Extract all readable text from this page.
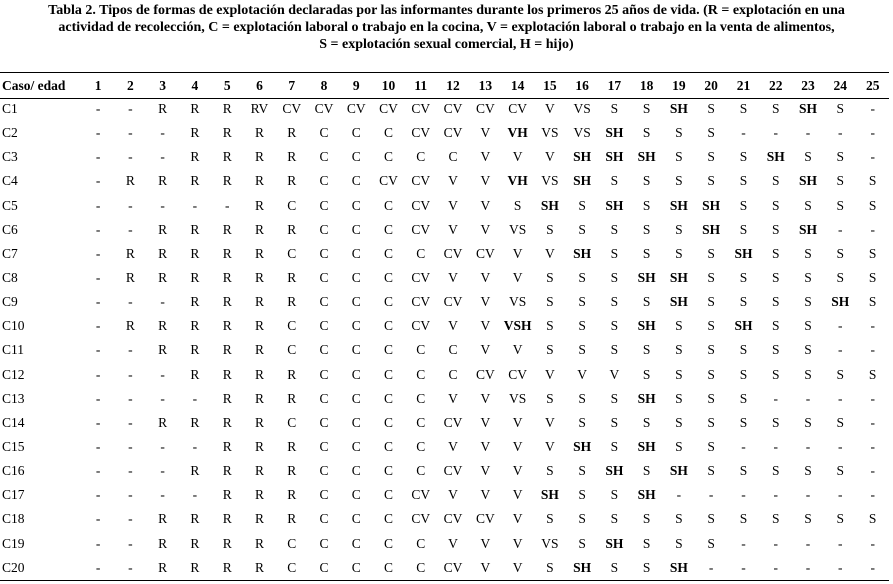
Tabla 2. Tipos de formas de explotación declaradas por las informantes durante los primeros 25 años de vida. (R = explotación en una
actividad de recolección, C = explotación laboral o trabajo en la cocina, V = explotación laboral o trabajo en la venta de alimentos,
S = explotación sexual comercial, H = hijo)
Caso/ edad	1	2	3	4	5	6	7	8	9	10	11	12	13	14	15	16	17	18	19	20	21	22	23	24	25
C1	-	-	R	R	R	RV	CV	CV	CV	CV	CV	CV	CV	CV	V	VS	S	S	SH	S	S	S	SH	S	-
C2	-	-	-	R	R	R	R	C	C	C	CV	CV	V	VH	VS	VS	SH	S	S	S	-	-	-	-	-
C3	-	-	-	R	R	R	R	C	C	C	C	C	V	V	V	SH	SH	SH	S	S	S	SH	S	S	-
C4	-	R	R	R	R	R	R	C	C	CV	CV	V	V	VH	VS	SH	S	S	S	S	S	S	SH	S	S
C5	-	-	-	-	-	R	C	C	C	C	CV	V	V	S	SH	S	SH	S	SH	SH	S	S	S	S	S
C6	-	-	R	R	R	R	R	C	C	C	CV	V	V	VS	S	S	S	S	S	SH	S	S	SH	-	-
C7	-	R	R	R	R	R	C	C	C	C	C	CV	CV	V	V	SH	S	S	S	S	SH	S	S	S	S
C8	-	R	R	R	R	R	R	C	C	C	CV	V	V	V	S	S	S	SH	SH	S	S	S	S	S	S
C9	-	-	-	R	R	R	R	C	C	C	CV	CV	V	VS	S	S	S	S	SH	S	S	S	S	SH	S
C10	-	R	R	R	R	R	C	C	C	C	CV	V	V	VSH	S	S	S	SH	S	S	SH	S	S	-	-
C11	-	-	R	R	R	R	C	C	C	C	C	C	V	V	S	S	S	S	S	S	S	S	S	-	-
C12	-	-	-	R	R	R	R	C	C	C	C	C	CV	CV	V	V	V	S	S	S	S	S	S	S	S
C13	-	-	-	-	R	R	R	C	C	C	C	V	V	VS	S	S	S	SH	S	S	S	-	-	-	-
C14	-	-	R	R	R	R	C	C	C	C	C	CV	V	V	V	S	S	S	S	S	S	S	S	S	-
C15	-	-	-	-	R	R	R	C	C	C	C	V	V	V	V	SH	S	SH	S	S	-	-	-	-	-
C16	-	-	-	R	R	R	R	C	C	C	C	CV	V	V	S	S	SH	S	SH	S	S	S	S	S	-
C17	-	-	-	-	R	R	R	C	C	C	CV	V	V	V	SH	S	S	SH	-	-	-	-	-	-	-
C18	-	-	R	R	R	R	R	C	C	C	CV	CV	CV	V	S	S	S	S	S	S	S	S	S	S	S
C19	-	-	R	R	R	R	C	C	C	C	C	V	V	V	VS	S	SH	S	S	S	-	-	-	-	-
C20	-	-	R	R	R	R	C	C	C	C	C	CV	V	V	S	SH	S	S	SH	-	-	-	-	-	-
